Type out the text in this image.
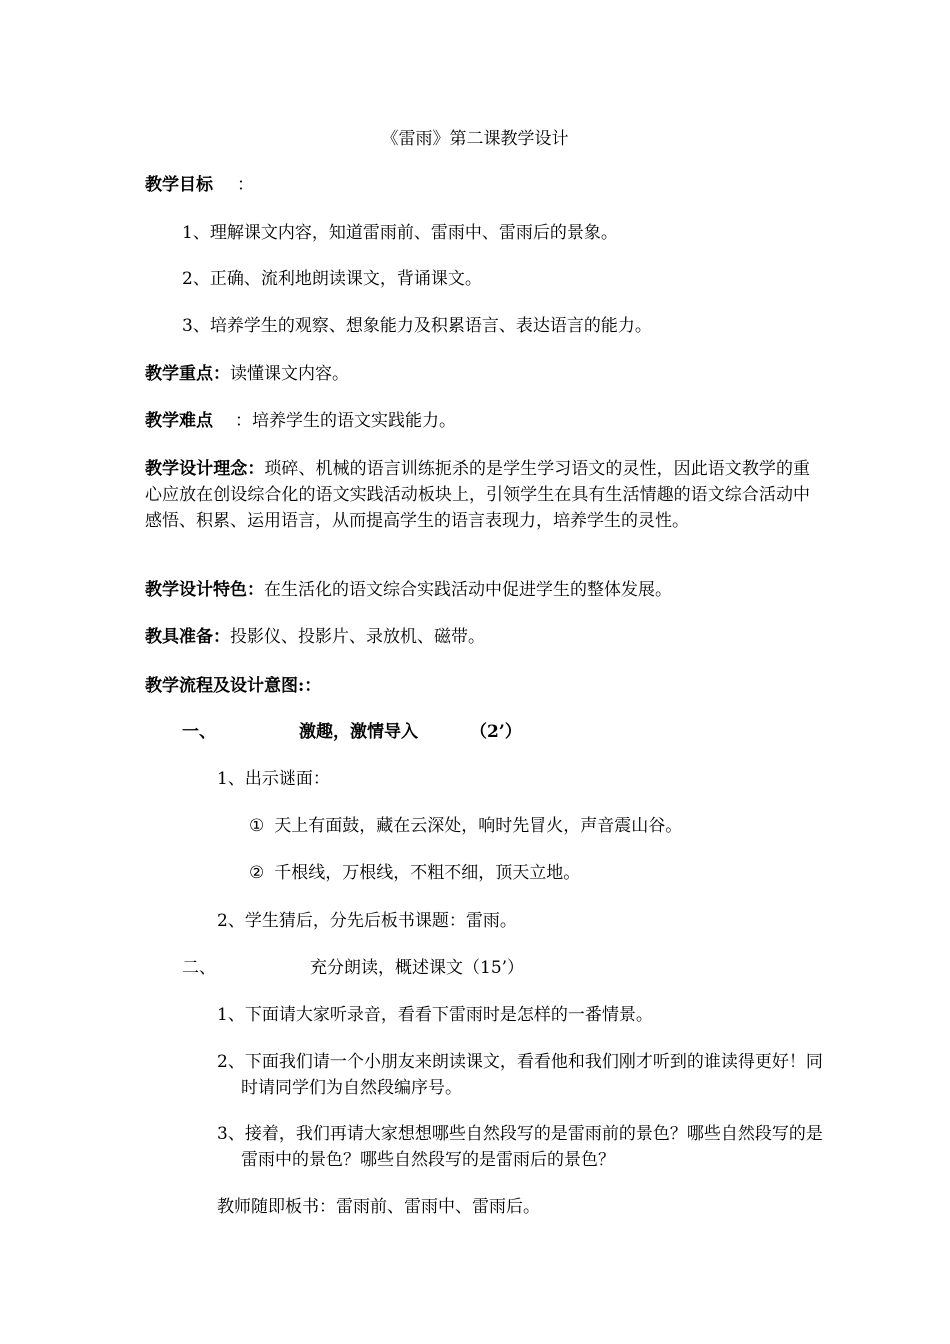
《雷雨》第二课教学设计
教学目标 ：
1、理解课文内容，知道雷雨前、雷雨中、雷雨后的景象。
2、正确、流利地朗读课文，背诵课文。
3、培养学生的观察、想象能力及积累语言、表达语言的能力。
教学重点：读懂课文内容。
教学难点 ：培养学生的语文实践能力。
教学设计理念：琐碎、机械的语言训练扼杀的是学生学习语文的灵性，因此语文教学的重心应放在创设综合化的语文实践活动板块上，引领学生在具有生活情趣的语文综合活动中感悟、积累、运用语言，从而提高学生的语言表现力，培养学生的灵性。
教学设计特色：在生活化的语文综合实践活动中促进学生的整体发展。
教具准备：投影仪、投影片、录放机、磁带。
教学流程及设计意图:：
一、	激趣，激情导入	（2’）
1、出示谜面：
① 天上有面鼓，藏在云深处，响时先冒火，声音震山谷。
② 千根线，万根线，不粗不细，顶天立地。
2、学生猜后，分先后板书课题：雷雨。
二、	充分朗读，概述课文（15’）
1、下面请大家听录音，看看下雷雨时是怎样的一番情景。
2、下面我们请一个小朋友来朗读课文，看看他和我们刚才听到的谁读得更好！同时请同学们为自然段编序号。
3、接着，我们再请大家想想哪些自然段写的是雷雨前的景色？哪些自然段写的是雷雨中的景色？哪些自然段写的是雷雨后的景色？
教师随即板书：雷雨前、雷雨中、雷雨后。
